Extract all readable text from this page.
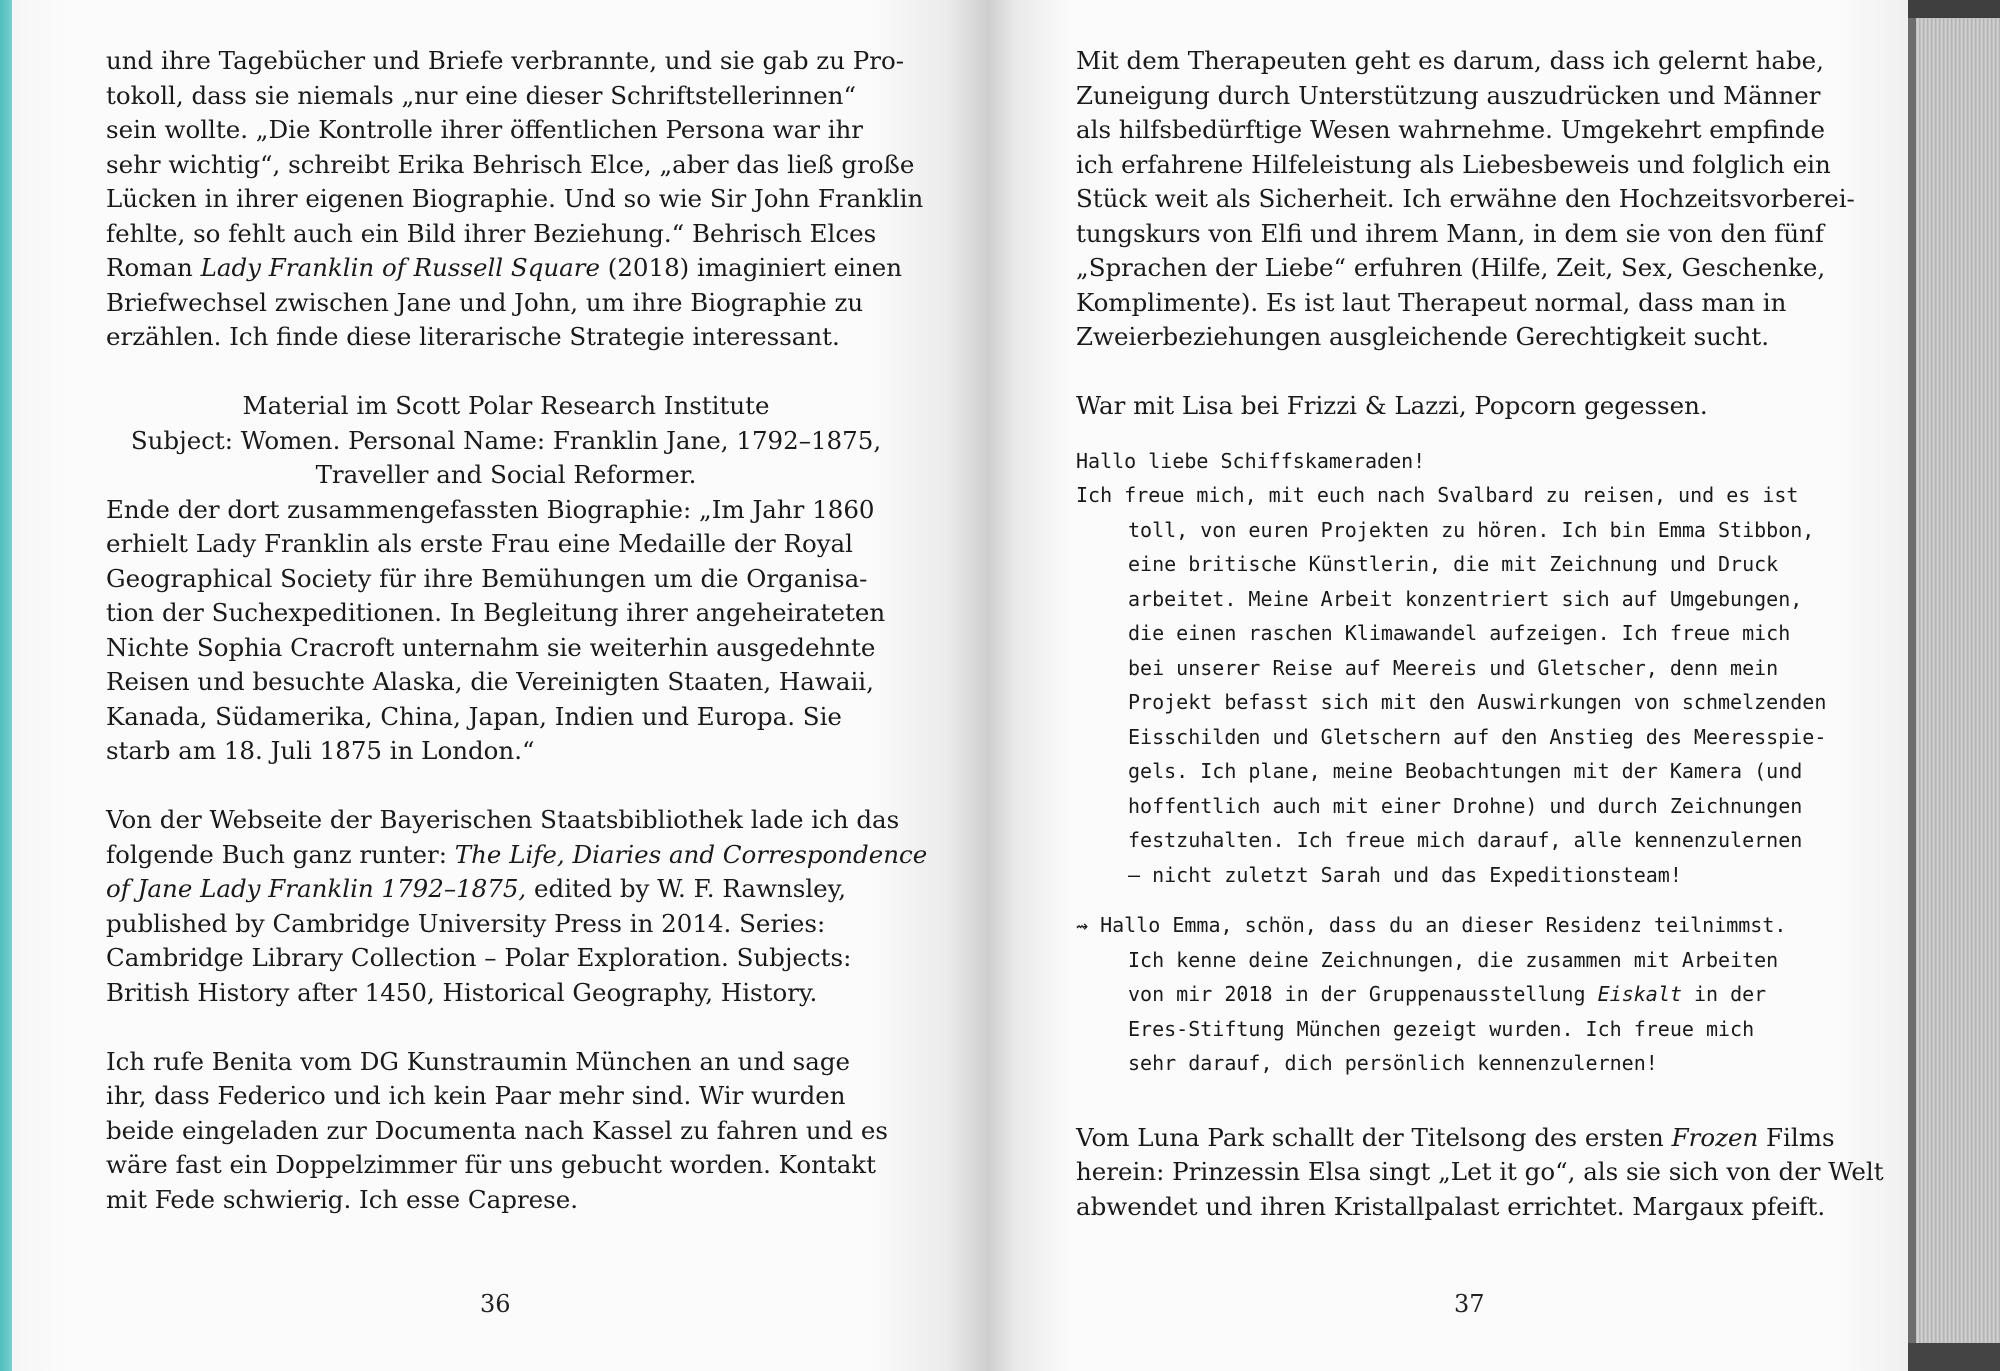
und ihre Tagebücher und Briefe verbrannte, und sie gab zu Pro-
tokoll, dass sie niemals „nur eine dieser Schriftstellerinnen“
sein wollte. „Die Kontrolle ihrer öffentlichen Persona war ihr
sehr wichtig“, schreibt Erika Behrisch Elce, „aber das ließ große
Lücken in ihrer eigenen Biographie. Und so wie Sir John Franklin
fehlte, so fehlt auch ein Bild ihrer Beziehung.“ Behrisch Elces
Roman Lady Franklin of Russell Square (2018) imaginiert einen
Briefwechsel zwischen Jane und John, um ihre Biographie zu
erzählen. Ich finde diese literarische Strategie interessant.
Material im Scott Polar Research Institute
Subject: Women. Personal Name: Franklin Jane, 1792–1875,
Traveller and Social Reformer.
Ende der dort zusammengefassten Biographie: „Im Jahr 1860
erhielt Lady Franklin als erste Frau eine Medaille der Royal
Geographical Society für ihre Bemühungen um die Organisa-
tion der Suchexpeditionen. In Begleitung ihrer angeheirateten
Nichte Sophia Cracroft unternahm sie weiterhin ausgedehnte
Reisen und besuchte Alaska, die Vereinigten Staaten, Hawaii,
Kanada, Südamerika, China, Japan, Indien und Europa. Sie
starb am 18. Juli 1875 in London.“
Von der Webseite der Bayerischen Staatsbibliothek lade ich das
folgende Buch ganz runter: The Life, Diaries and Correspondence
of Jane Lady Franklin 1792–1875, edited by W. F. Rawnsley,
published by Cambridge University Press in 2014. Series:
Cambridge Library Collection – Polar Exploration. Subjects:
British History after 1450, Historical Geography, History.
Ich rufe Benita vom DG Kunstraumin München an und sage
ihr, dass Federico und ich kein Paar mehr sind. Wir wurden
beide eingeladen zur Documenta nach Kassel zu fahren und es
wäre fast ein Doppelzimmer für uns gebucht worden. Kontakt
mit Fede schwierig. Ich esse Caprese.
36
Mit dem Therapeuten geht es darum, dass ich gelernt habe,
Zuneigung durch Unterstützung auszudrücken und Männer
als hilfsbedürftige Wesen wahrnehme. Umgekehrt empfinde
ich erfahrene Hilfeleistung als Liebesbeweis und folglich ein
Stück weit als Sicherheit. Ich erwähne den Hochzeitsvorberei-
tungskurs von Elfi und ihrem Mann, in dem sie von den fünf
„Sprachen der Liebe“ erfuhren (Hilfe, Zeit, Sex, Geschenke,
Komplimente). Es ist laut Therapeut normal, dass man in
Zweierbeziehungen ausgleichende Gerechtigkeit sucht.
War mit Lisa bei Frizzi & Lazzi, Popcorn gegessen.
Hallo liebe Schiffskameraden!
Ich freue mich, mit euch nach Svalbard zu reisen, und es ist
toll, von euren Projekten zu hören. Ich bin Emma Stibbon,
eine britische Künstlerin, die mit Zeichnung und Druck
arbeitet. Meine Arbeit konzentriert sich auf Umgebungen,
die einen raschen Klimawandel aufzeigen. Ich freue mich
bei unserer Reise auf Meereis und Gletscher, denn mein
Projekt befasst sich mit den Auswirkungen von schmelzenden
Eisschilden und Gletschern auf den Anstieg des Meeresspie-
gels. Ich plane, meine Beobachtungen mit der Kamera (und
hoffentlich auch mit einer Drohne) und durch Zeichnungen
festzuhalten. Ich freue mich darauf, alle kennenzulernen
– nicht zuletzt Sarah und das Expeditionsteam!
⇝ Hallo Emma, schön, dass du an dieser Residenz teilnimmst.
Ich kenne deine Zeichnungen, die zusammen mit Arbeiten
von mir 2018 in der Gruppenausstellung Eiskalt in der
Eres-Stiftung München gezeigt wurden. Ich freue mich
sehr darauf, dich persönlich kennenzulernen!
Vom Luna Park schallt der Titelsong des ersten Frozen Films
herein: Prinzessin Elsa singt „Let it go“, als sie sich von der Welt
abwendet und ihren Kristallpalast errichtet. Margaux pfeift.
37
